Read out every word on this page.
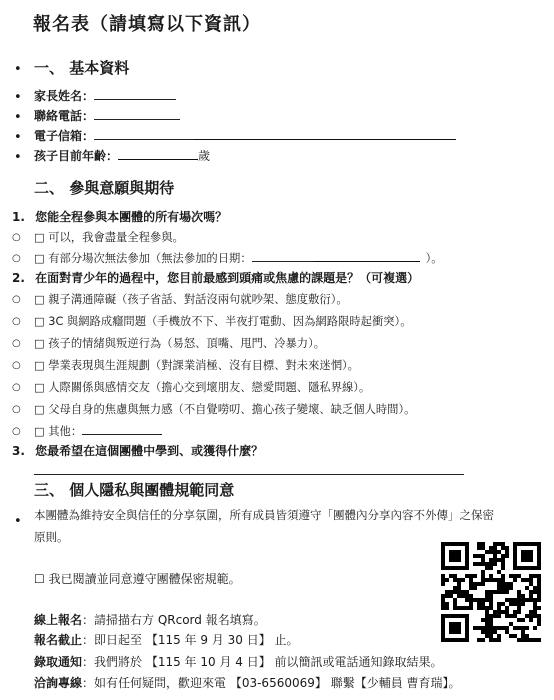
報名表（請填寫以下資訊）
• 一、 基本資料
• 家長姓名：
• 聯絡電話：
• 電子信箱：
• 孩子目前年齡：	歲
二、 參與意願與期待
1. 您能全程參與本團體的所有場次嗎？
○ □ 可以，我會盡量全程參與。
○ □ 有部分場次無法參加（無法參加的日期：	）。
2. 在面對青少年的過程中，您目前最感到頭痛或焦慮的課題是？（可複選）
○ □ 親子溝通障礙（孩子省話、對話沒兩句就吵架、態度敷衍）。
○ □ 3C 與網路成癮問題（手機放不下、半夜打電動、因為網路限時起衝突）。
○ □ 孩子的情緒與叛逆行為（易怒、頂嘴、甩門、冷暴力）。
○ □ 學業表現與生涯規劃（對課業消極、沒有目標、對未來迷惘）。
○ □ 人際關係與感情交友（擔心交到壞朋友、戀愛問題、隱私界線）。
○ □ 父母自身的焦慮與無力感（不自覺嘮叨、擔心孩子變壞、缺乏個人時間）。
○ □ 其他：
3. 您最希望在這個團體中學到、或獲得什麼？
三、 個人隱私與團體規範同意
• 本團體為維持安全與信任的分享氛圍，所有成員皆須遵守「團體內分享內容不外傳」之保密原則。
☐ 我已閱讀並同意遵守團體保密規範。
線上報名：請掃描右方 QRcord 報名填寫。
報名截止：即日起至 【115 年 9 月 30 日】 止。
錄取通知：我們將於 【115 年 10 月 4 日】 前以簡訊或電話通知錄取結果。
洽詢專線：如有任何疑問，歡迎來電 【03-6560069】 聯繫【少輔員 曹育瑞】。
